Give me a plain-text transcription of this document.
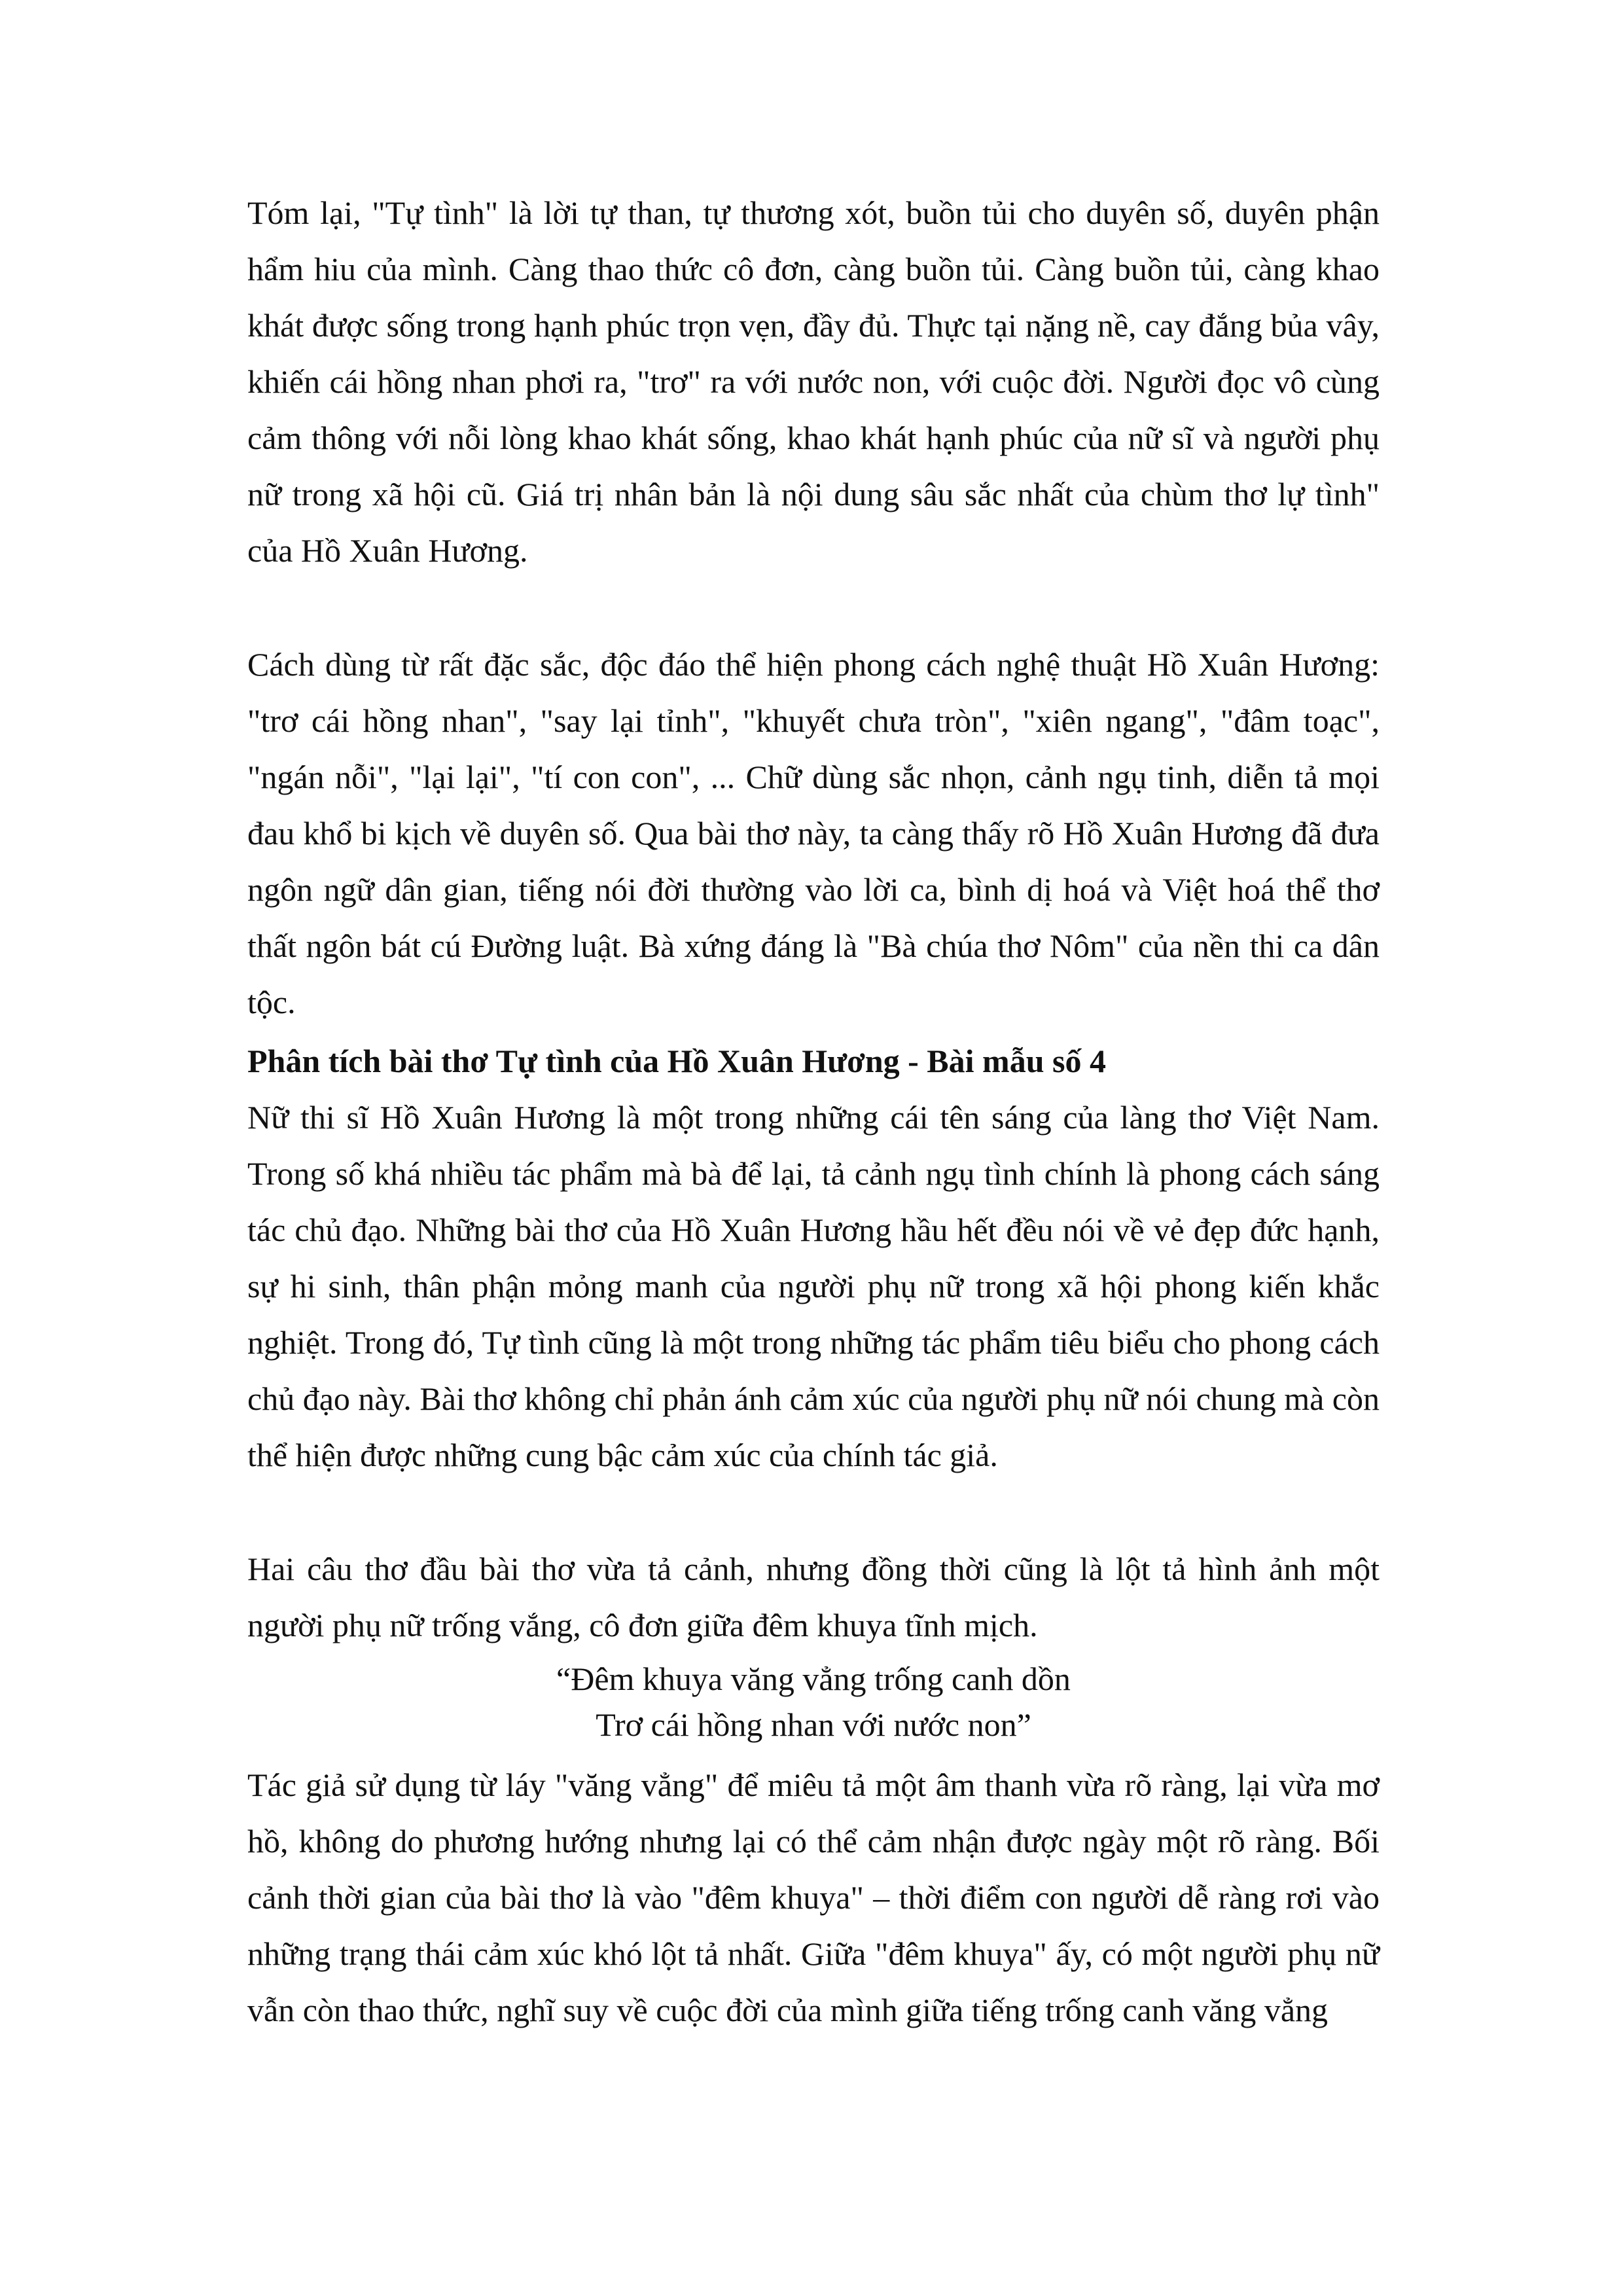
Tóm lại, "Tự tình" là lời tự than, tự thương xót, buồn tủi cho duyên số, duyên phận hẩm hiu của mình. Càng thao thức cô đơn, càng buồn tủi. Càng buồn tủi, càng khao khát được sống trong hạnh phúc trọn vẹn, đầy đủ. Thực tại nặng nề, cay đắng bủa vây, khiến cái hồng nhan phơi ra, "trơ" ra với nước non, với cuộc đời. Người đọc vô cùng cảm thông với nỗi lòng khao khát sống, khao khát hạnh phúc của nữ sĩ và người phụ nữ trong xã hội cũ. Giá trị nhân bản là nội dung sâu sắc nhất của chùm thơ lự tình" của Hồ Xuân Hương.

Cách dùng từ rất đặc sắc, độc đáo thể hiện phong cách nghệ thuật Hồ Xuân Hương: "trơ cái hồng nhan", "say lại tỉnh", "khuyết chưa tròn", "xiên ngang", "đâm toạc", "ngán nỗi", "lại lại", "tí con con", ... Chữ dùng sắc nhọn, cảnh ngụ tinh, diễn tả mọi đau khổ bi kịch về duyên số. Qua bài thơ này, ta càng thấy rõ Hồ Xuân Hương đã đưa ngôn ngữ dân gian, tiếng nói đời thường vào lời ca, bình dị hoá và Việt hoá thể thơ thất ngôn bát cú Đường luật. Bà xứng đáng là "Bà chúa thơ Nôm" của nền thi ca dân tộc.

Phân tích bài thơ Tự tình của Hồ Xuân Hương - Bài mẫu số 4

Nữ thi sĩ Hồ Xuân Hương là một trong những cái tên sáng của làng thơ Việt Nam. Trong số khá nhiều tác phẩm mà bà để lại, tả cảnh ngụ tình chính là phong cách sáng tác chủ đạo. Những bài thơ của Hồ Xuân Hương hầu hết đều nói về vẻ đẹp đức hạnh, sự hi sinh, thân phận mỏng manh của người phụ nữ trong xã hội phong kiến khắc nghiệt. Trong đó, Tự tình cũng là một trong những tác phẩm tiêu biểu cho phong cách chủ đạo này. Bài thơ không chỉ phản ánh cảm xúc của người phụ nữ nói chung mà còn thể hiện được những cung bậc cảm xúc của chính tác giả.

Hai câu thơ đầu bài thơ vừa tả cảnh, nhưng đồng thời cũng là lột tả hình ảnh một người phụ nữ trống vắng, cô đơn giữa đêm khuya tĩnh mịch.

“Đêm khuya văng vẳng trống canh dồn
Trơ cái hồng nhan với nước non”

Tác giả sử dụng từ láy "văng vẳng" để miêu tả một âm thanh vừa rõ ràng, lại vừa mơ hồ, không do phương hướng nhưng lại có thể cảm nhận được ngày một rõ ràng. Bối cảnh thời gian của bài thơ là vào "đêm khuya" – thời điểm con người dễ ràng rơi vào những trạng thái cảm xúc khó lột tả nhất. Giữa "đêm khuya" ấy, có một người phụ nữ vẫn còn thao thức, nghĩ suy về cuộc đời của mình giữa tiếng trống canh văng vẳng
